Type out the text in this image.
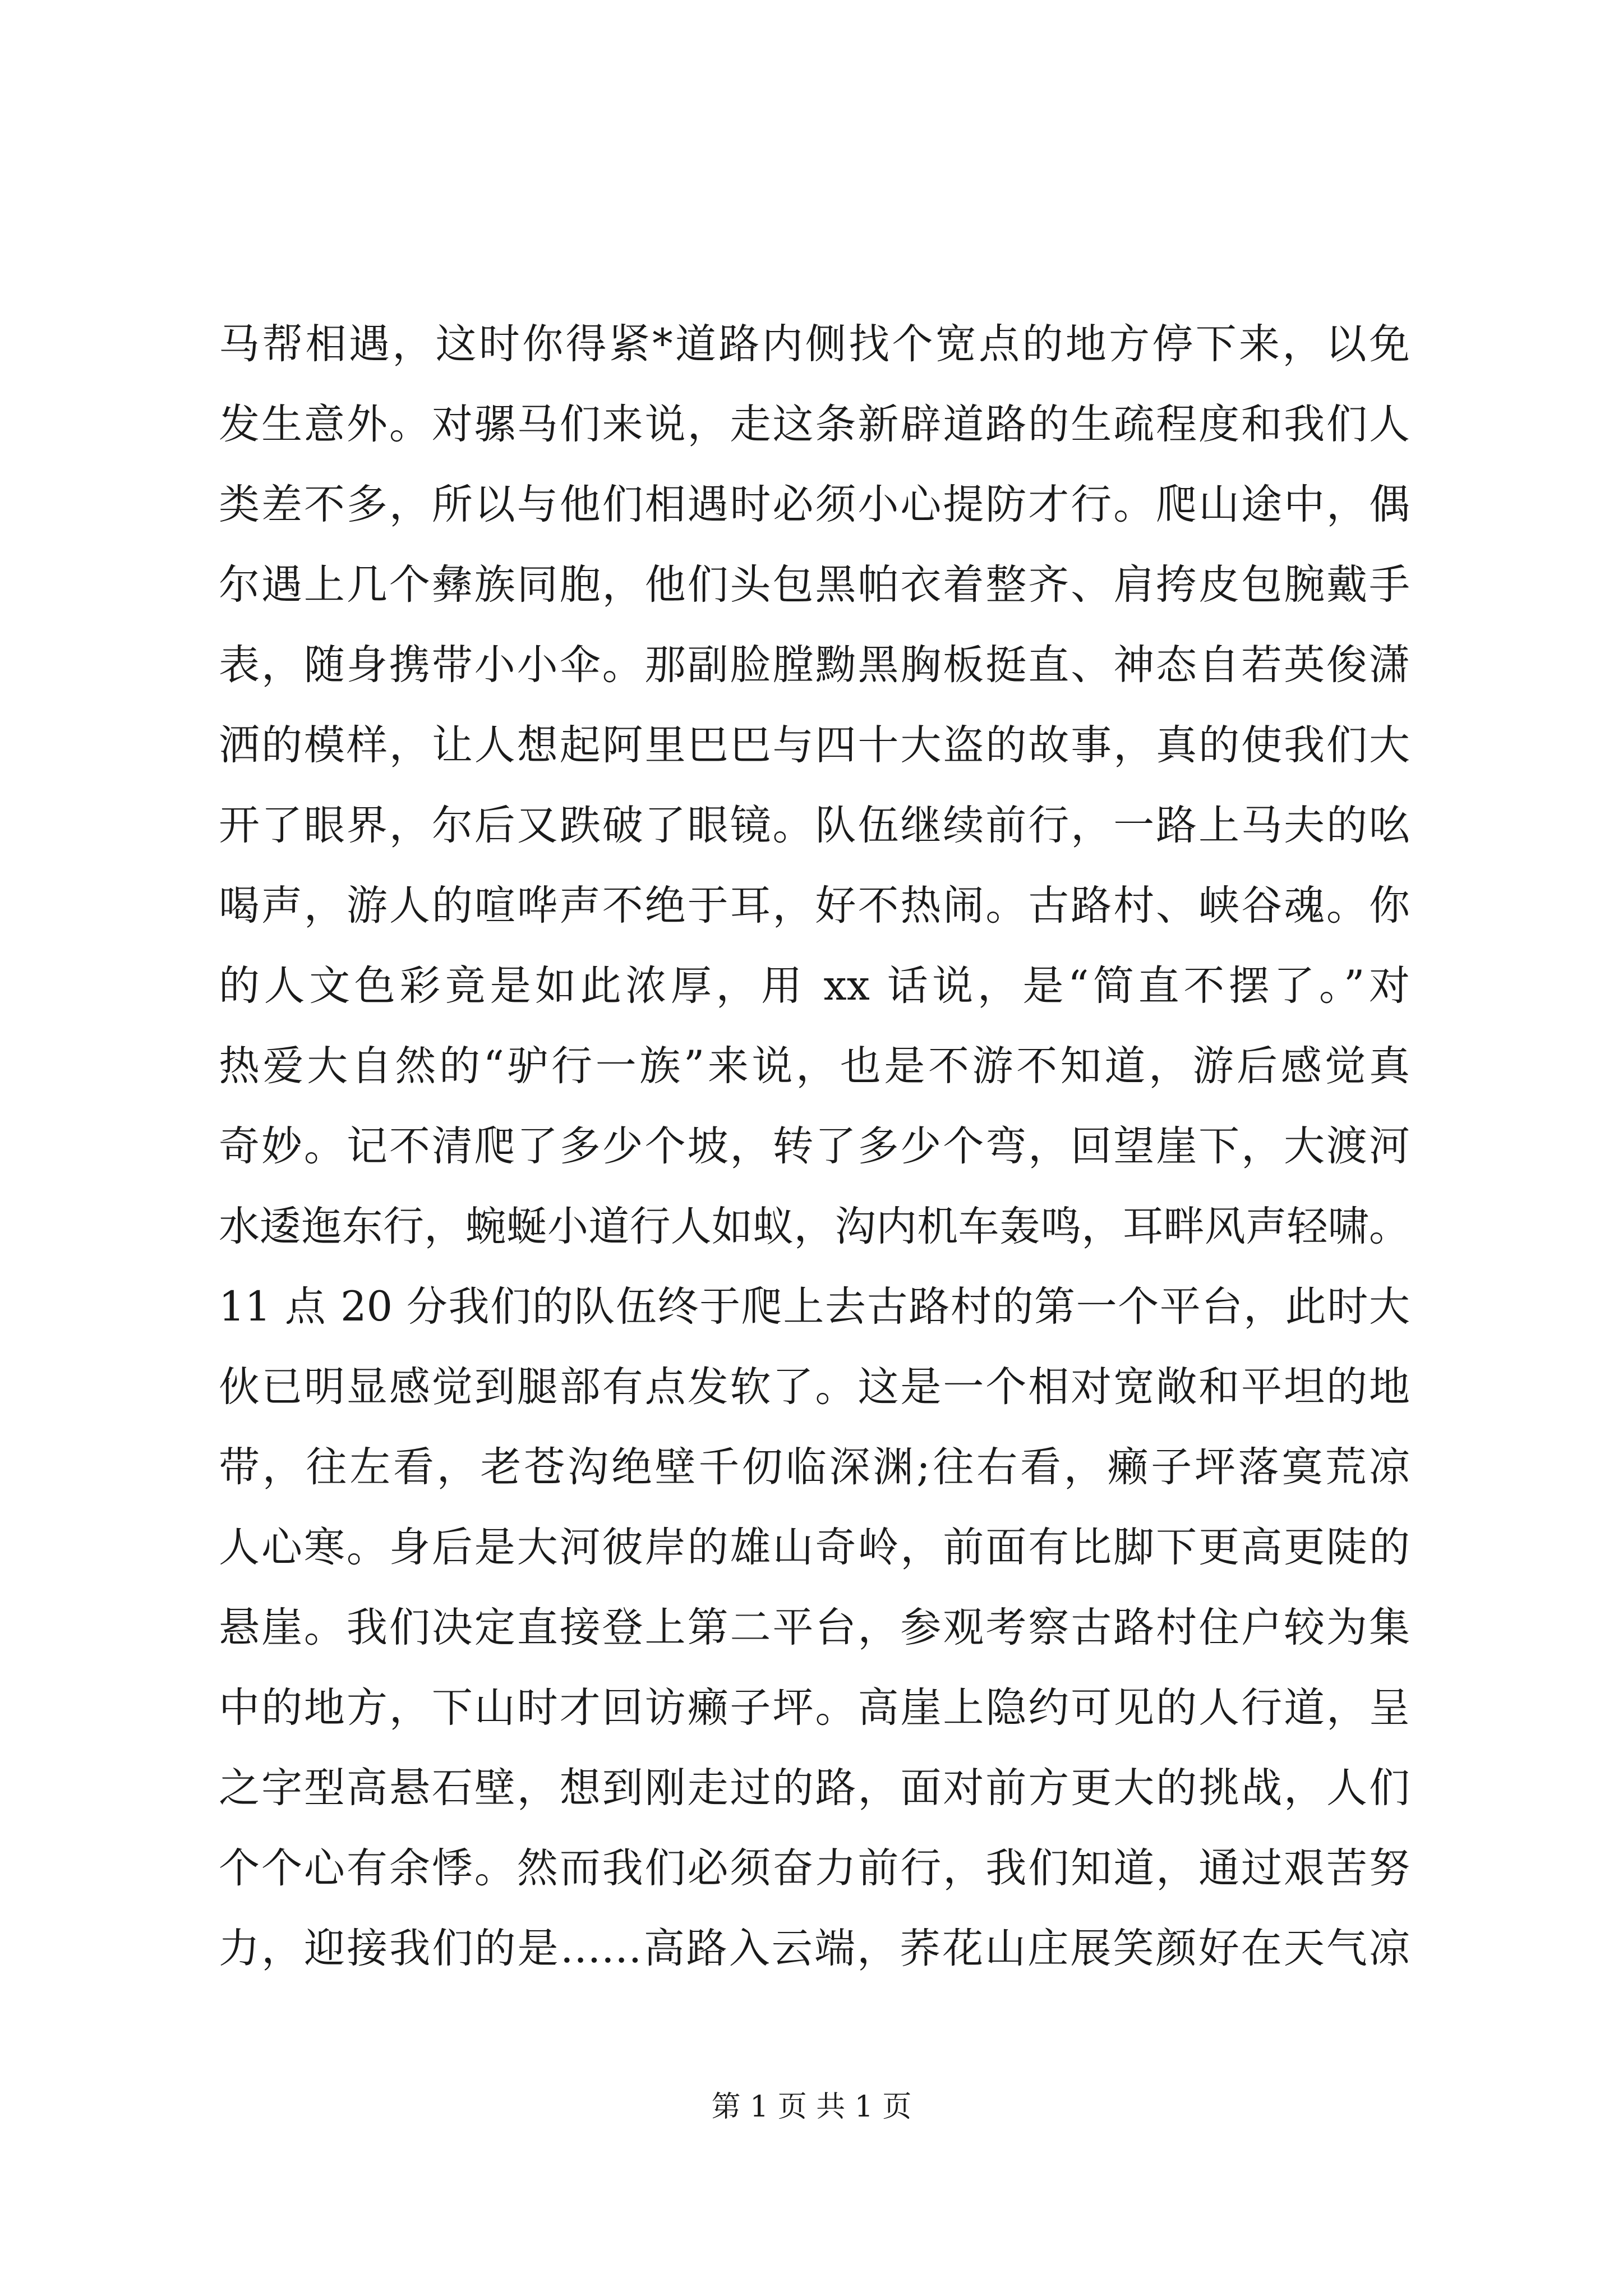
马帮相遇，这时你得紧*道路内侧找个宽点的地方停下来，以免
发生意外。对骡马们来说，走这条新辟道路的生疏程度和我们人
类差不多，所以与他们相遇时必须小心提防才行。爬山途中，偶
尔遇上几个彝族同胞，他们头包黑帕衣着整齐、肩挎皮包腕戴手
表，随身携带小小伞。那副脸膛黝黑胸板挺直、神态自若英俊潇
洒的模样，让人想起阿里巴巴与四十大盗的故事，真的使我们大
开了眼界，尔后又跌破了眼镜。队伍继续前行，一路上马夫的吆
喝声，游人的喧哗声不绝于耳，好不热闹。古路村、峡谷魂。你
的人文色彩竟是如此浓厚，用 xx 话说，是“简直不摆了。”对
热爱大自然的“驴行一族”来说，也是不游不知道，游后感觉真
奇妙。记不清爬了多少个坡，转了多少个弯，回望崖下，大渡河
水逶迤东行，蜿蜒小道行人如蚁，沟内机车轰鸣，耳畔风声轻啸。
11 点 20 分我们的队伍终于爬上去古路村的第一个平台，此时大
伙已明显感觉到腿部有点发软了。这是一个相对宽敞和平坦的地
带，往左看，老苍沟绝壁千仞临深渊;往右看，癞子坪落寞荒凉
人心寒。身后是大河彼岸的雄山奇岭，前面有比脚下更高更陡的
悬崖。我们决定直接登上第二平台，参观考察古路村住户较为集
中的地方，下山时才回访癞子坪。高崖上隐约可见的人行道，呈
之字型高悬石壁，想到刚走过的路，面对前方更大的挑战，人们
个个心有余悸。然而我们必须奋力前行，我们知道，通过艰苦努
力，迎接我们的是……高路入云端，荞花山庄展笑颜好在天气凉
第 1 页 共 1 页
